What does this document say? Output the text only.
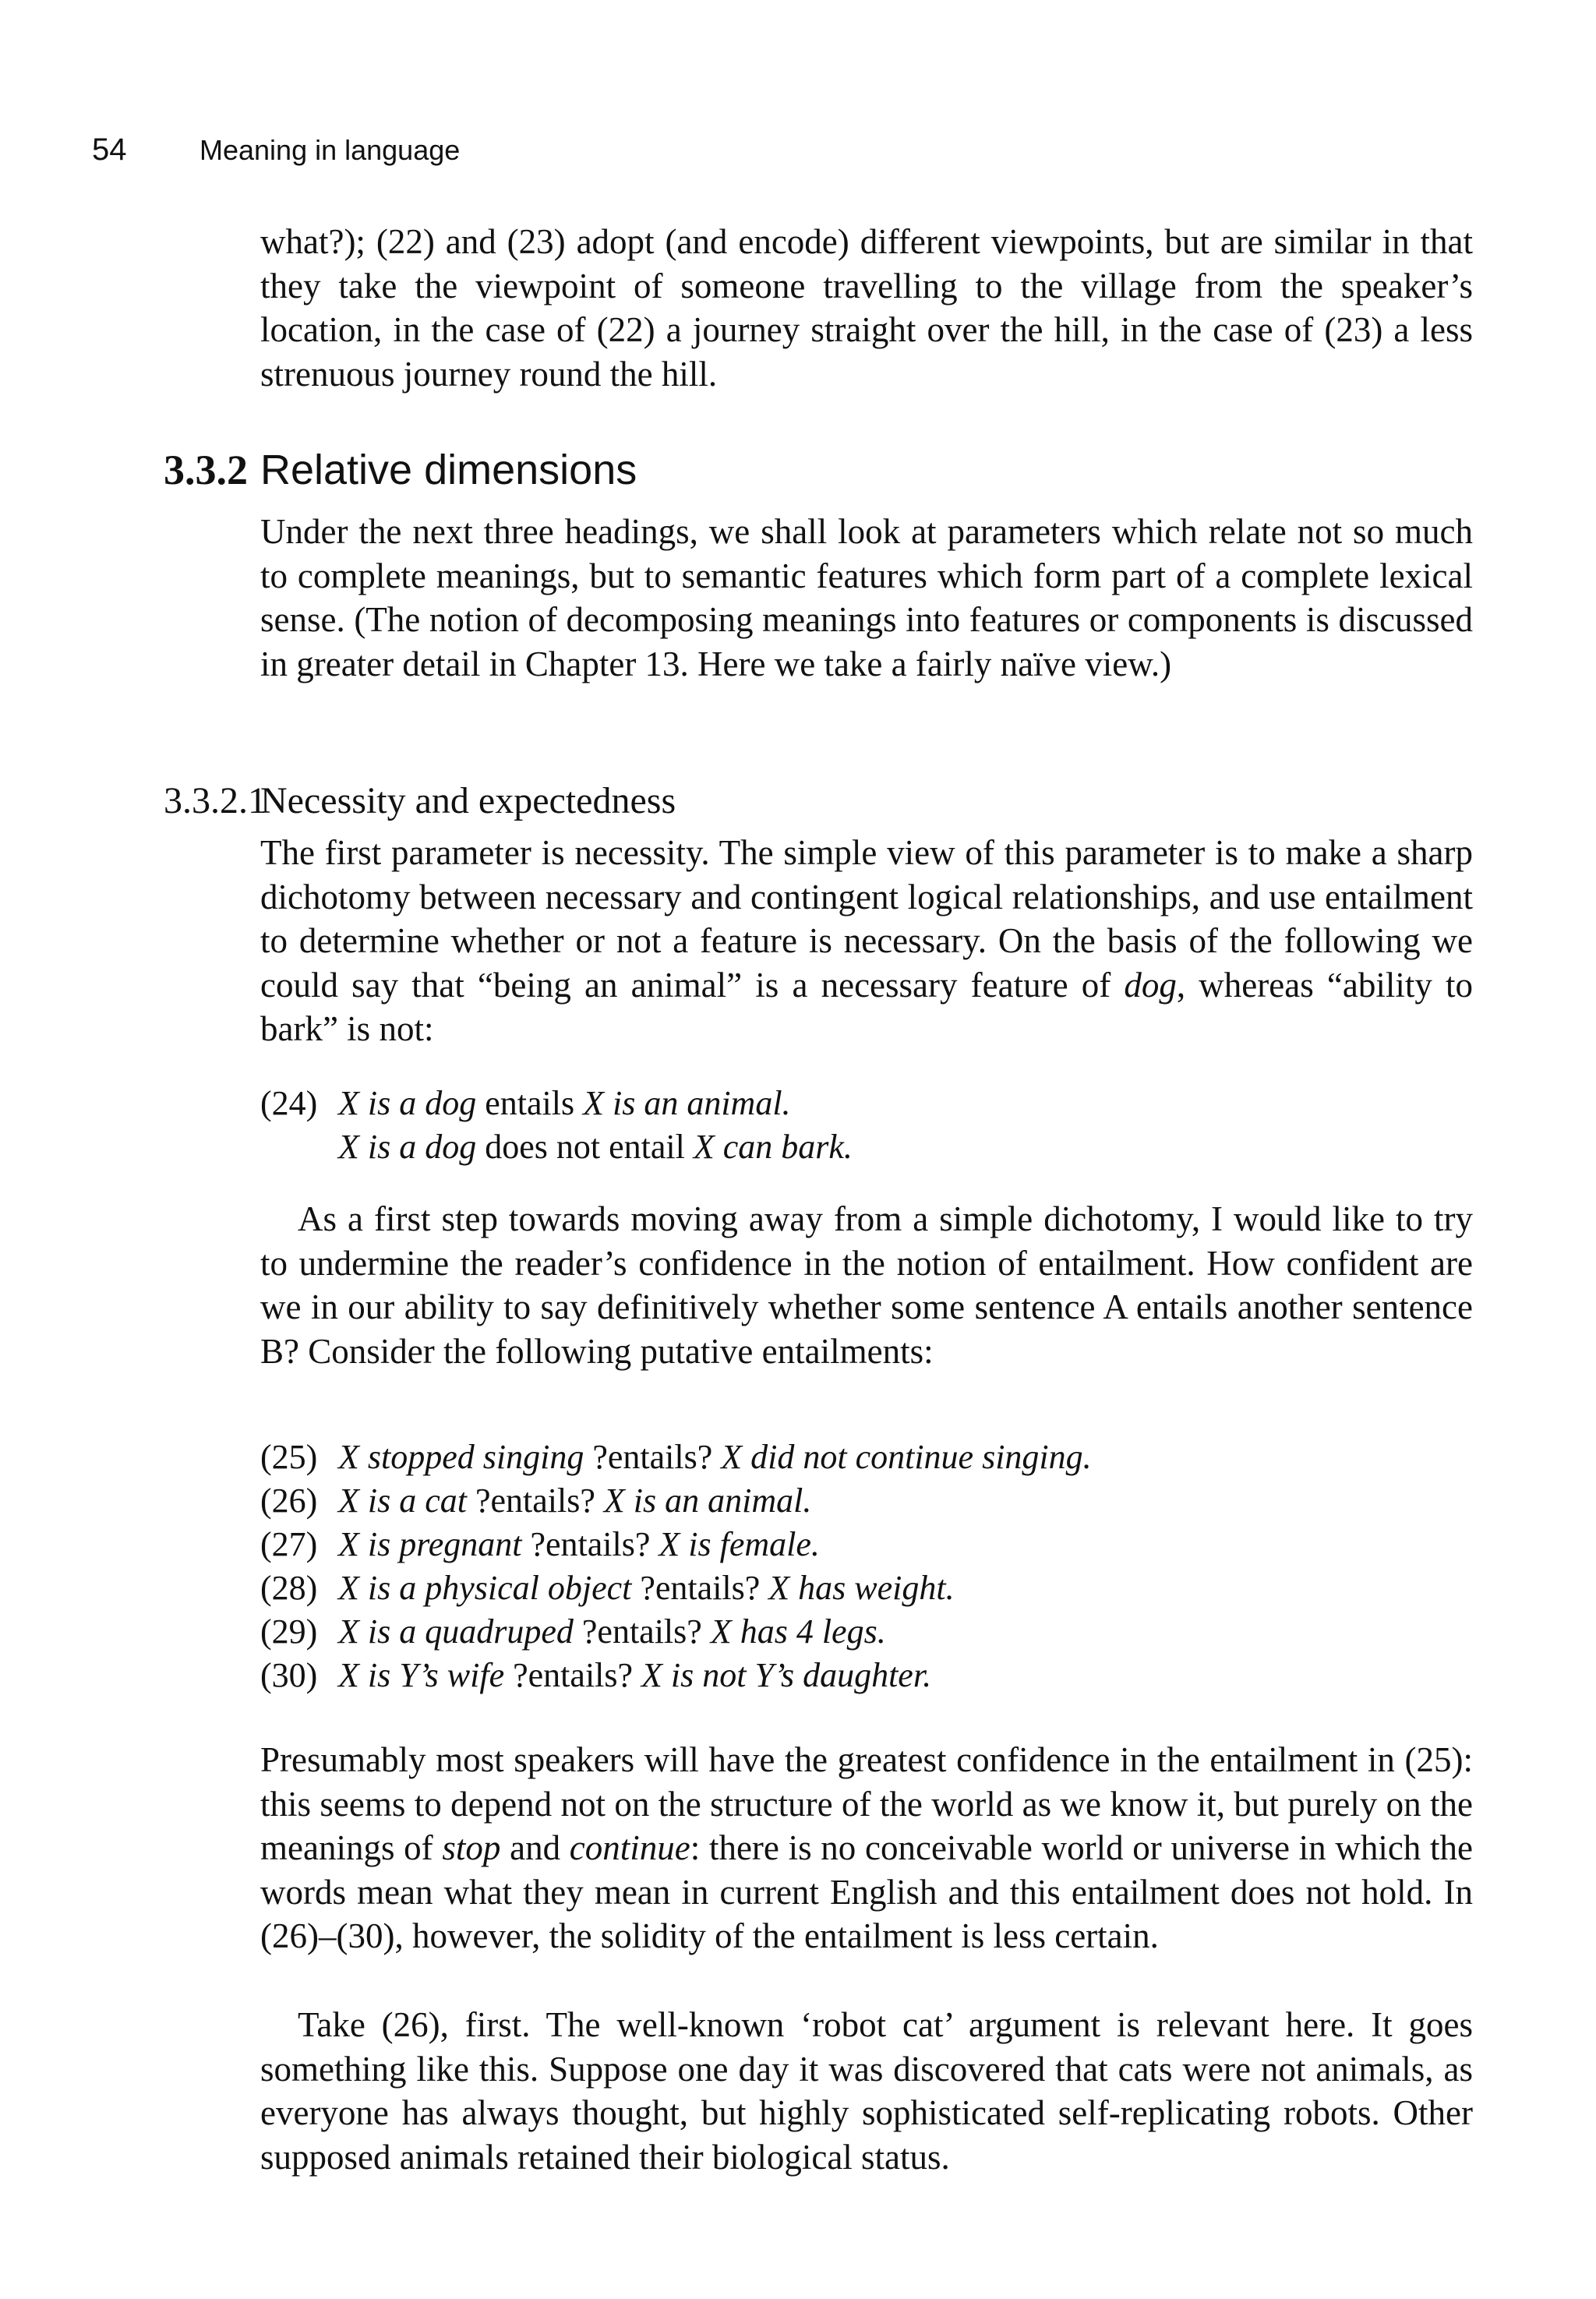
54	Meaning in language

what?); (22) and (23) adopt (and encode) different viewpoints, but are similar in that they take the viewpoint of someone travelling to the village from the speaker’s location, in the case of (22) a journey straight over the hill, in the case of (23) a less strenuous journey round the hill.

3.3.2 Relative dimensions

Under the next three headings, we shall look at parameters which relate not so much to complete meanings, but to semantic features which form part of a complete lexical sense. (The notion of decomposing meanings into features or components is discussed in greater detail in Chapter 13. Here we take a fairly naïve view.)

3.3.2.1Necessity and expectedness

The first parameter is necessity. The simple view of this parameter is to make a sharp dichotomy between necessary and contingent logical relationships, and use entailment to determine whether or not a feature is necessary. On the basis of the following we could say that “being an animal” is a necessary feature of dog, whereas “ability to bark” is not:

(24) X is a dog entails X is an animal.
X is a dog does not entail X can bark.

As a first step towards moving away from a simple dichotomy, I would like to try to undermine the reader’s confidence in the notion of entailment. How confident are we in our ability to say definitively whether some sentence A entails another sentence B? Consider the following putative entailments:

(25) X stopped singing ?entails? X did not continue singing.
(26) X is a cat ?entails? X is an animal.
(27) X is pregnant ?entails? X is female.
(28) X is a physical object ?entails? X has weight.
(29) X is a quadruped ?entails? X has 4 legs.
(30) X is Y’s wife ?entails? X is not Y’s daughter.

Presumably most speakers will have the greatest confidence in the entailment in (25): this seems to depend not on the structure of the world as we know it, but purely on the meanings of stop and continue: there is no conceivable world or universe in which the words mean what they mean in current English and this entailment does not hold. In (26)–(30), however, the solidity of the entailment is less certain.

Take (26), first. The well-known ‘robot cat’ argument is relevant here. It goes something like this. Suppose one day it was discovered that cats were not animals, as everyone has always thought, but highly sophisticated self-replicating robots. Other supposed animals retained their biological status.
